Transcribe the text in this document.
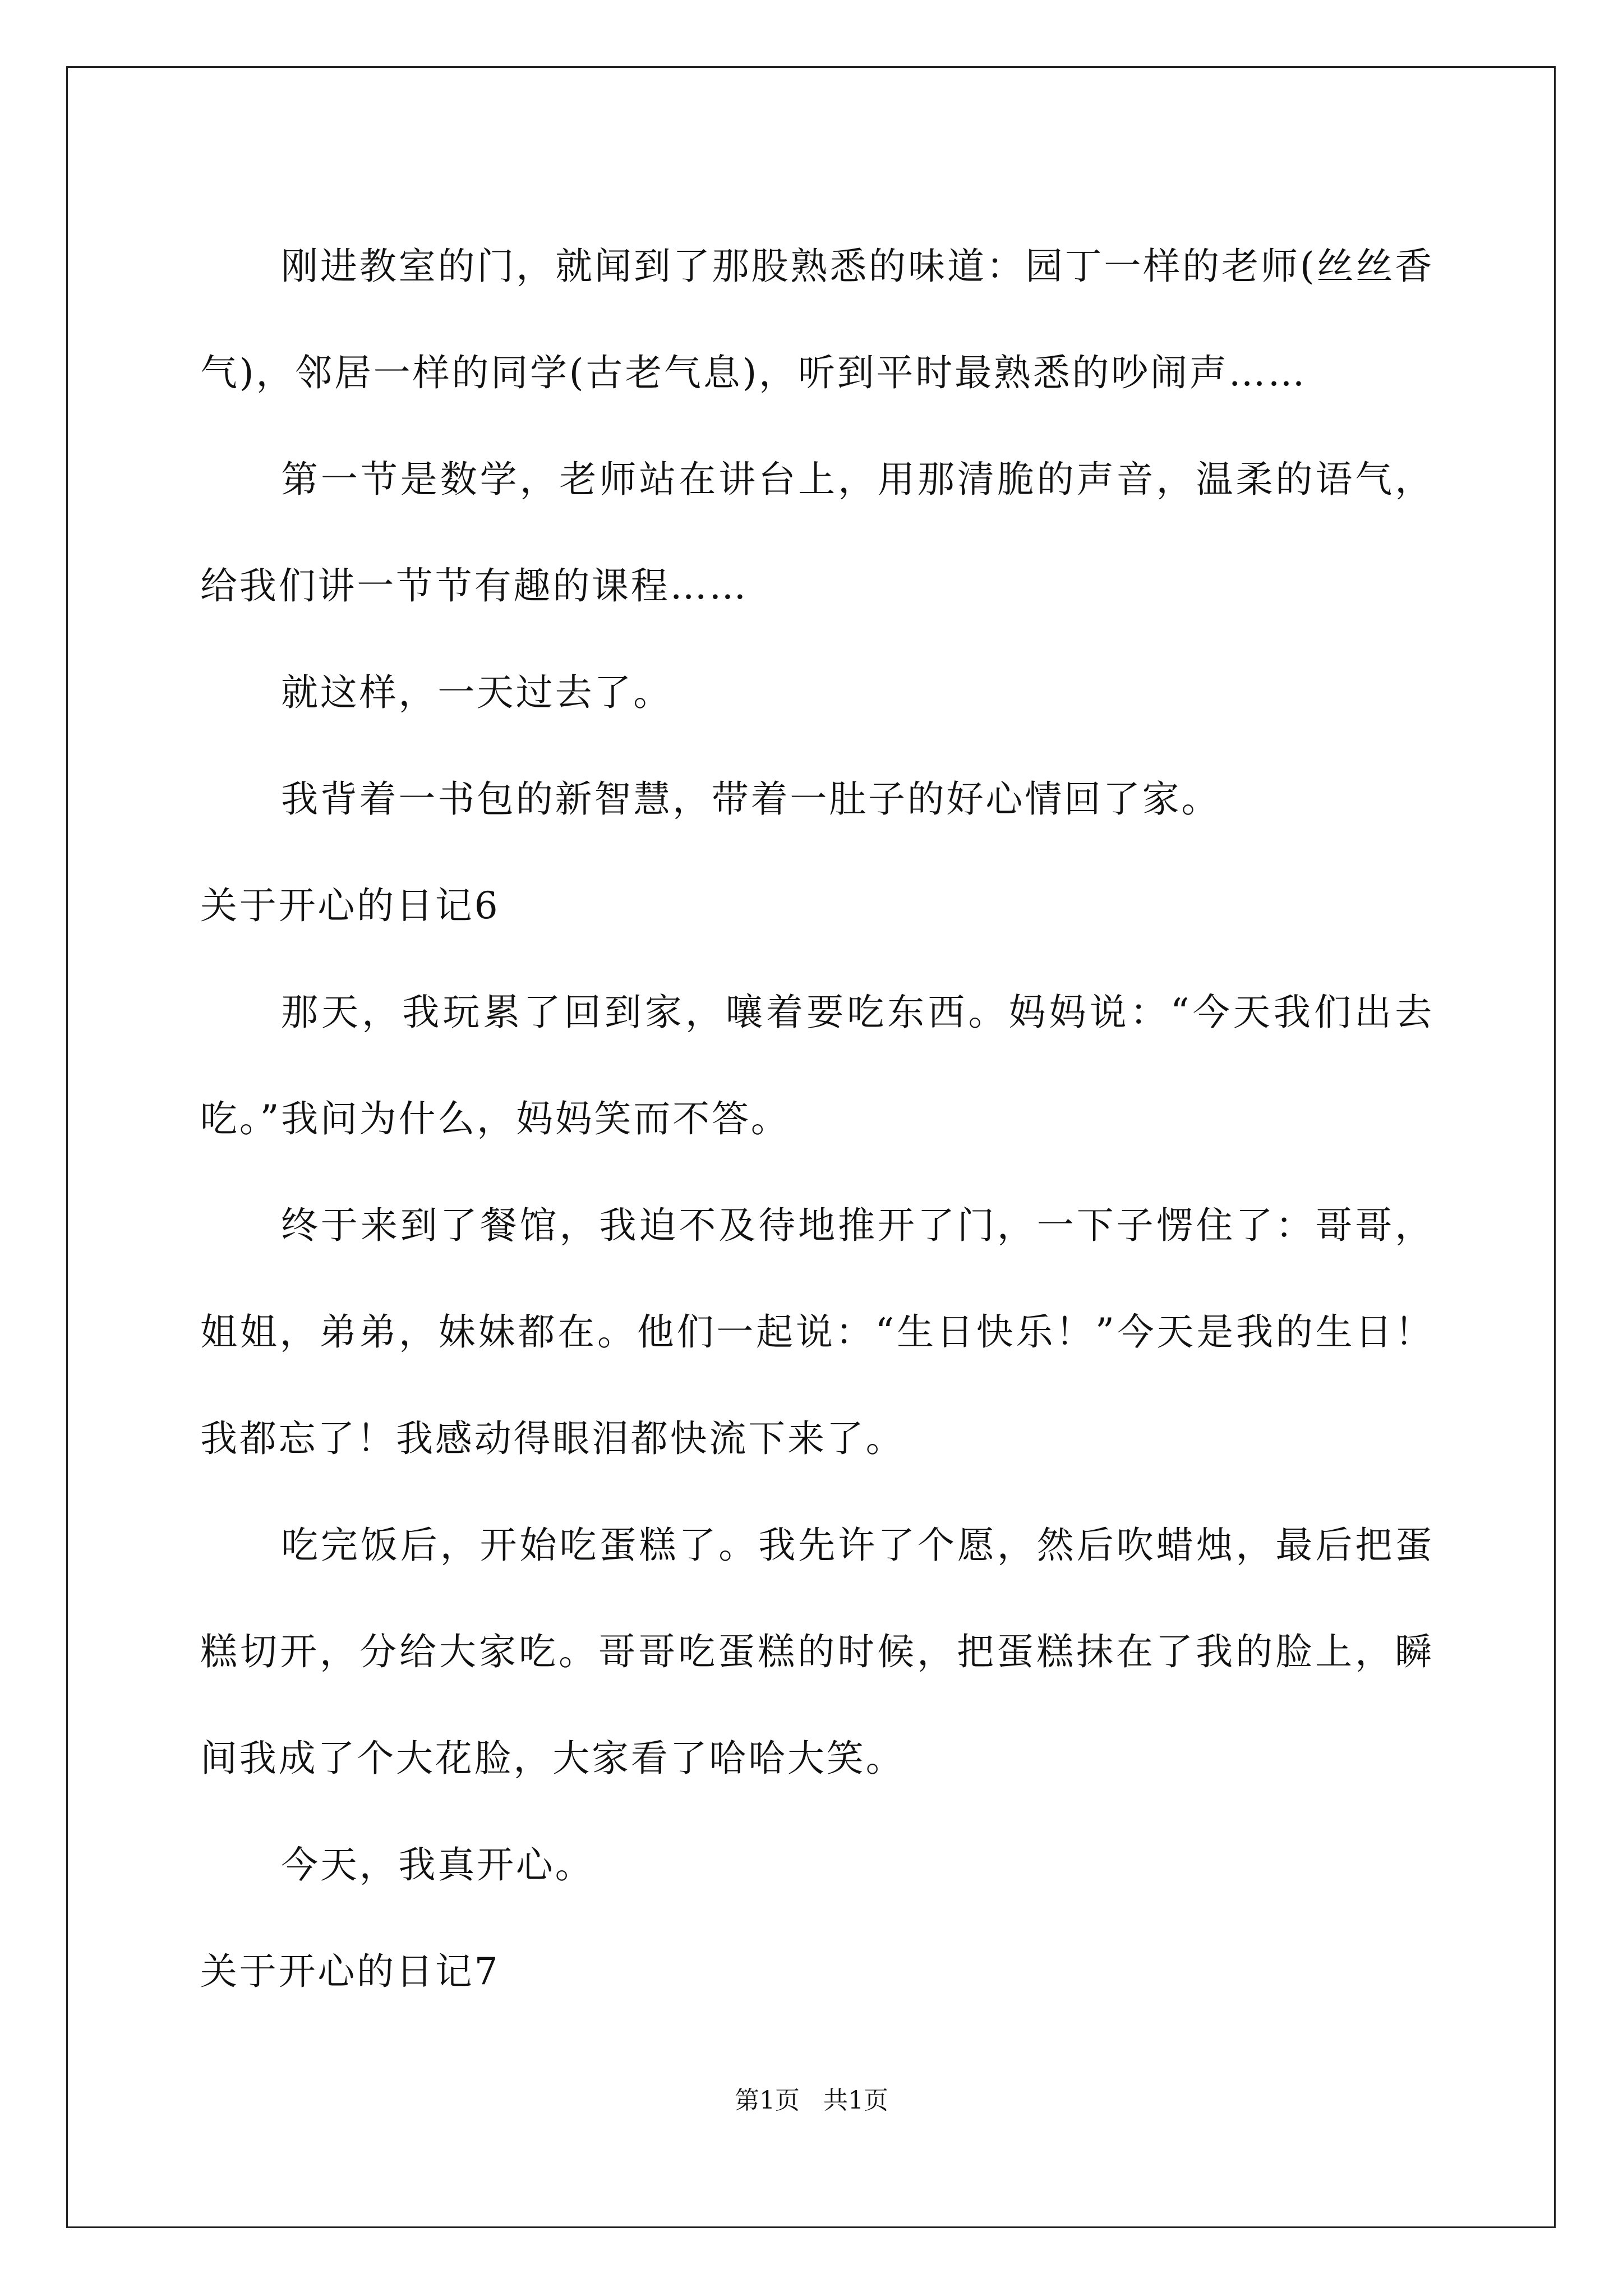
刚进教室的门，就闻到了那股熟悉的味道：园丁一样的老师(丝丝香气)，邻居一样的同学(古老气息)，听到平时最熟悉的吵闹声……

第一节是数学，老师站在讲台上，用那清脆的声音，温柔的语气，给我们讲一节节有趣的课程……

就这样，一天过去了。

我背着一书包的新智慧，带着一肚子的好心情回了家。

关于开心的日记6

那天，我玩累了回到家，嚷着要吃东西。妈妈说：“今天我们出去吃。”我问为什么，妈妈笑而不答。

终于来到了餐馆，我迫不及待地推开了门，一下子愣住了：哥哥，姐姐，弟弟，妹妹都在。他们一起说：“生日快乐！”今天是我的生日！我都忘了！我感动得眼泪都快流下来了。

吃完饭后，开始吃蛋糕了。我先许了个愿，然后吹蜡烛，最后把蛋糕切开，分给大家吃。哥哥吃蛋糕的时候，把蛋糕抹在了我的脸上，瞬间我成了个大花脸，大家看了哈哈大笑。

今天，我真开心。

关于开心的日记7

第1页 共1页
